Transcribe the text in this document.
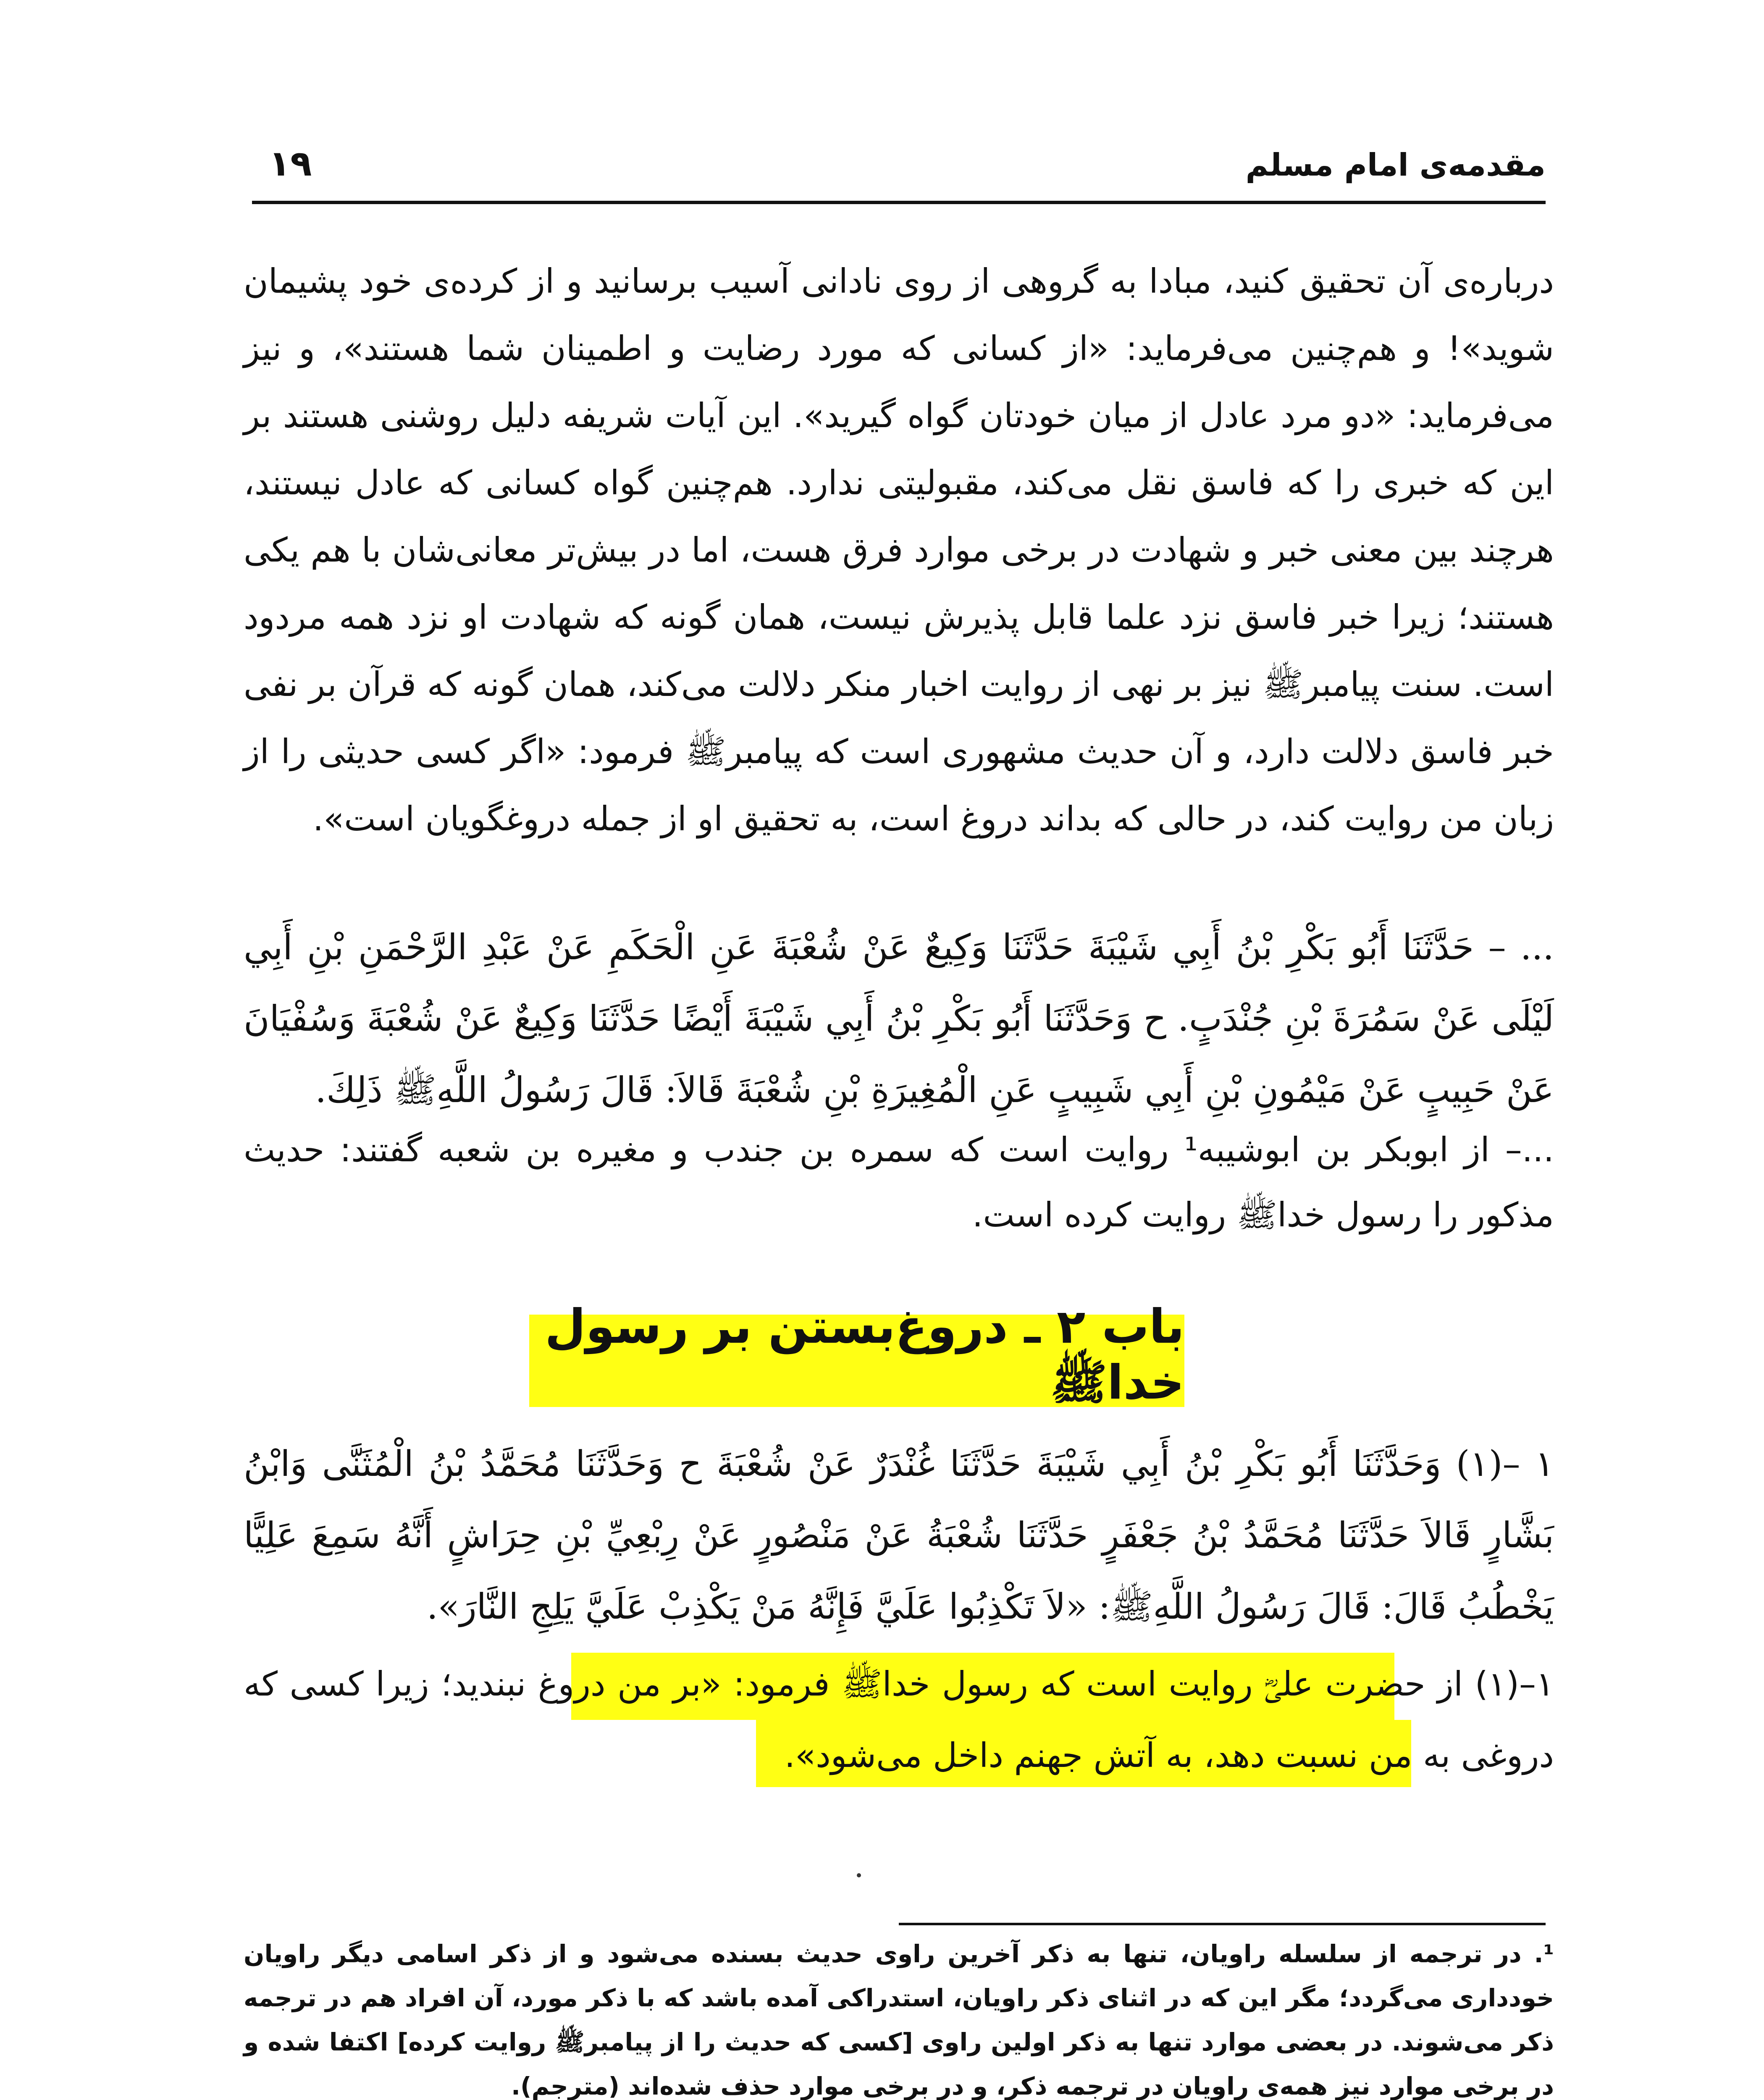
۱۹	مقدمه‌ی امام مسلم
درباره‌ی آن تحقیق کنید، مبادا به گروهی از روی نادانی آسیب برسانید و از کرده‌ی خود پشیمان شوید»! و هم‌چنین می‌فرماید: «از کسانی که مورد رضایت و اطمینان شما هستند»، و نیز می‌فرماید: «دو مرد عادل از میان خودتان گواه گیرید». این آیات شریفه دلیل روشنی هستند بر این که خبری را که فاسق نقل می‌کند، مقبولیتی ندارد. هم‌چنین گواه کسانی که عادل نیستند، هرچند بین معنی خبر و شهادت در برخی موارد فرق هست، اما در بیش‌تر معانی‌شان با هم یکی هستند؛ زیرا خبر فاسق نزد علما قابل پذیرش نیست، همان گونه که شهادت او نزد همه مردود است. سنت پیامبرﷺ نیز بر نهی از روایت اخبار منکر دلالت می‌کند، همان گونه که قرآن بر نفی خبر فاسق دلالت دارد، و آن حدیث مشهوری است که پیامبرﷺ فرمود: «اگر کسی حدیثی را از زبان من روایت کند، در حالی که بداند دروغ است، به تحقیق او از جمله دروغگویان است».
... – حَدَّثَنَا أَبُو بَكْرِ بْنُ أَبِي شَيْبَةَ حَدَّثَنَا وَكِيعٌ عَنْ شُعْبَةَ عَنِ الْحَكَمِ عَنْ عَبْدِ الرَّحْمَنِ بْنِ أَبِي لَيْلَى عَنْ سَمُرَةَ بْنِ جُنْدَبٍ. ح وَحَدَّثَنَا أَبُو بَكْرِ بْنُ أَبِي شَيْبَةَ أَيْضًا حَدَّثَنَا وَكِيعٌ عَنْ شُعْبَةَ وَسُفْيَانَ عَنْ حَبِيبٍ عَنْ مَيْمُونِ بْنِ أَبِي شَبِيبٍ عَنِ الْمُغِيرَةِ بْنِ شُعْبَةَ قَالاَ: قَالَ رَسُولُ اللَّهِﷺ ذَلِكَ.
...– از ابوبکر بن ابوشیبه¹ روایت است که سمره بن جندب و مغیره بن شعبه گفتند: حدیث مذکور را رسول خداﷺ روایت کرده است.
باب ۲ ـ دروغ‌بستن بر رسول خداﷺ
۱ –(۱) وَحَدَّثَنَا أَبُو بَكْرِ بْنُ أَبِي شَيْبَةَ حَدَّثَنَا غُنْدَرٌ عَنْ شُعْبَةَ ح وَحَدَّثَنَا مُحَمَّدُ بْنُ الْمُثَنَّى وَابْنُ بَشَّارٍ قَالاَ حَدَّثَنَا مُحَمَّدُ بْنُ جَعْفَرٍ حَدَّثَنَا شُعْبَةُ عَنْ مَنْصُورٍ عَنْ رِبْعِيِّ بْنِ حِرَاشٍ أَنَّهُ سَمِعَ عَلِيًّا يَخْطُبُ قَالَ: قَالَ رَسُولُ اللَّهِﷺ: «لاَ تَكْذِبُوا عَلَيَّ فَإِنَّهُ مَنْ يَكْذِبْ عَلَيَّ يَلِجِ النَّارَ».
۱–(۱) از حضرت علیؓ روایت است که رسول خداﷺ فرمود: «بر من دروغ نبندید؛ زیرا کسی که دروغی به من نسبت دهد، به آتش جهنم داخل می‌شود».
¹. در ترجمه از سلسله راویان، تنها به ذکر آخرین راوی حدیث بسنده می‌شود و از ذکر اسامی دیگر راویان خودداری می‌گردد؛ مگر این که در اثنای ذکر راویان، استدراکی آمده باشد که با ذکر مورد، آن افراد هم در ترجمه ذکر می‌شوند. در بعضی موارد تنها به ذکر اولین راوی [کسی که حدیث را از پیامبرﷺ روایت کرده] اکتفا شده و در برخی موارد نیز همه‌ی راویان در ترجمه ذکر، و در برخی موارد حذف شده‌اند (مترجم).
